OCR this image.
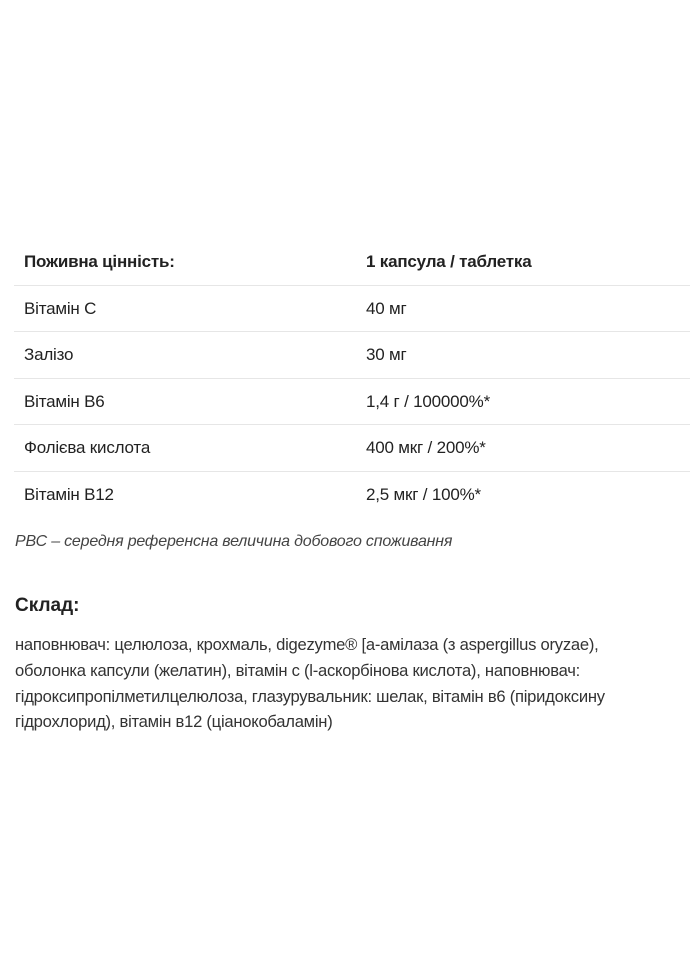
Поживна цінність:	1 капсула / таблетка
Вітамін С	40 мг
Залізо	30 мг
Вітамін В6	1,4 г / 100000%*
Фолієва кислота	400 мкг / 200%*
Вітамін В12	2,5 мкг / 100%*
РВС – середня референсна величина добового споживання
Склад:
наповнювач: целюлоза, крохмаль, digezyme® [a-амілаза (з aspergillus oryzae),
оболонка капсули (желатин), вітамін с (l-аскорбінова кислота), наповнювач:
гідроксипропілметилцелюлоза, глазурувальник: шелак, вітамін в6 (піридоксину
гідрохлорид), вітамін в12 (ціанокобаламін)
